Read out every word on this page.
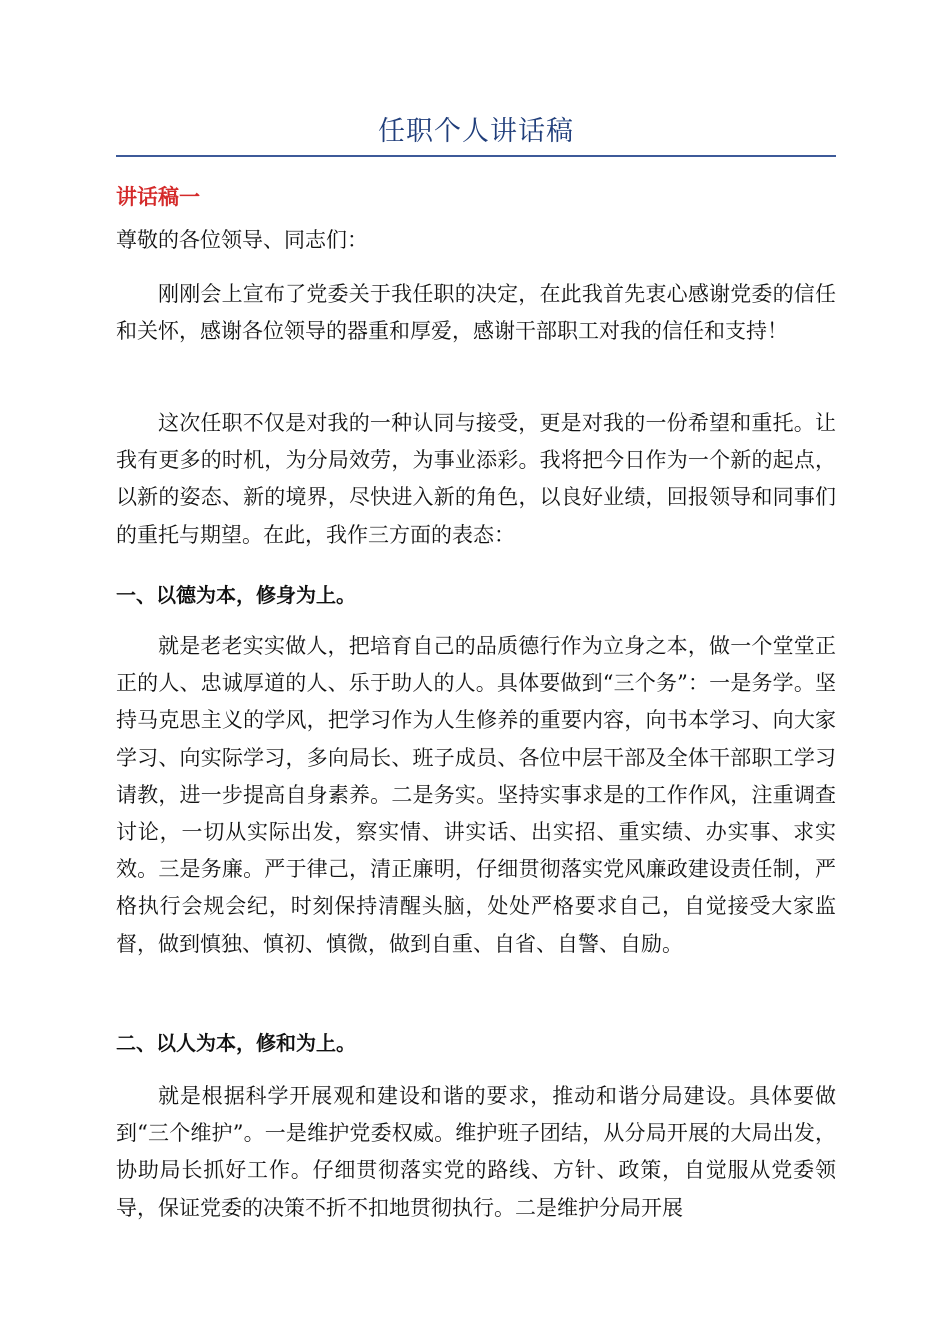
任职个人讲话稿
讲话稿一
尊敬的各位领导、同志们：
刚刚会上宣布了党委关于我任职的决定，在此我首先衷心感谢党委的信任和关怀，感谢各位领导的器重和厚爱，感谢干部职工对我的信任和支持！
这次任职不仅是对我的一种认同与接受，更是对我的一份希望和重托。让我有更多的时机，为分局效劳，为事业添彩。我将把今日作为一个新的起点，以新的姿态、新的境界，尽快进入新的角色，以良好业绩，回报领导和同事们的重托与期望。在此，我作三方面的表态：
一、以德为本，修身为上。
就是老老实实做人，把培育自己的品质德行作为立身之本，做一个堂堂正正的人、忠诚厚道的人、乐于助人的人。具体要做到“三个务”：一是务学。坚持马克思主义的学风，把学习作为人生修养的重要内容，向书本学习、向大家学习、向实际学习，多向局长、班子成员、各位中层干部及全体干部职工学习请教，进一步提高自身素养。二是务实。坚持实事求是的工作作风，注重调查讨论，一切从实际出发，察实情、讲实话、出实招、重实绩、办实事、求实效。三是务廉。严于律己，清正廉明，仔细贯彻落实党风廉政建设责任制，严格执行会规会纪，时刻保持清醒头脑，处处严格要求自己，自觉接受大家监督，做到慎独、慎初、慎微，做到自重、自省、自警、自励。
二、以人为本，修和为上。
就是根据科学开展观和建设和谐的要求，推动和谐分局建设。具体要做到“三个维护”。一是维护党委权威。维护班子团结，从分局开展的大局出发，协助局长抓好工作。仔细贯彻落实党的路线、方针、政策，自觉服从党委领导，保证党委的决策不折不扣地贯彻执行。二是维护分局开展
